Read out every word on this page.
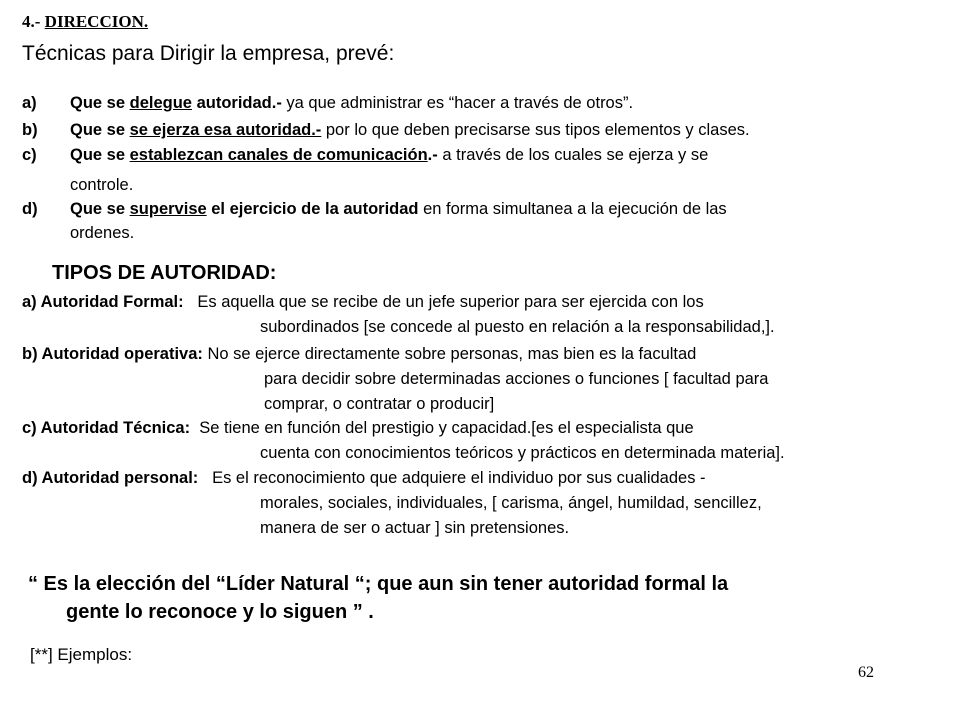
4.- DIRECCION.
Técnicas para Dirigir la empresa, prevé:
a) Que se delegue autoridad.- ya que administrar es “hacer a través de otros”.
b) Que se se ejerza esa autoridad.- por lo que deben precisarse sus tipos elementos y clases.
c) Que se establezcan canales de comunicación.- a través de los cuales se ejerza y se
controle.
d) Que se supervise el ejercicio de la autoridad en forma simultanea a la ejecución de las
ordenes.
TIPOS DE AUTORIDAD:
a) Autoridad Formal: Es aquella que se recibe de un jefe superior para ser ejercida con los
subordinados [se concede al puesto en relación a la responsabilidad,].
b) Autoridad operativa: No se ejerce directamente sobre personas, mas bien es la facultad
para decidir sobre determinadas acciones o funciones [ facultad para
comprar, o contratar o producir]
c) Autoridad Técnica: Se tiene en función del prestigio y capacidad.[es el especialista que
cuenta con conocimientos teóricos y prácticos en determinada materia].
d) Autoridad personal: Es el reconocimiento que adquiere el individuo por sus cualidades -
morales, sociales, individuales, [ carisma, ángel, humildad, sencillez,
manera de ser o actuar ] sin pretensiones.
“ Es la elección del “Líder Natural “; que aun sin tener autoridad formal la
gente lo reconoce y lo siguen ” .
[**] Ejemplos:
62
